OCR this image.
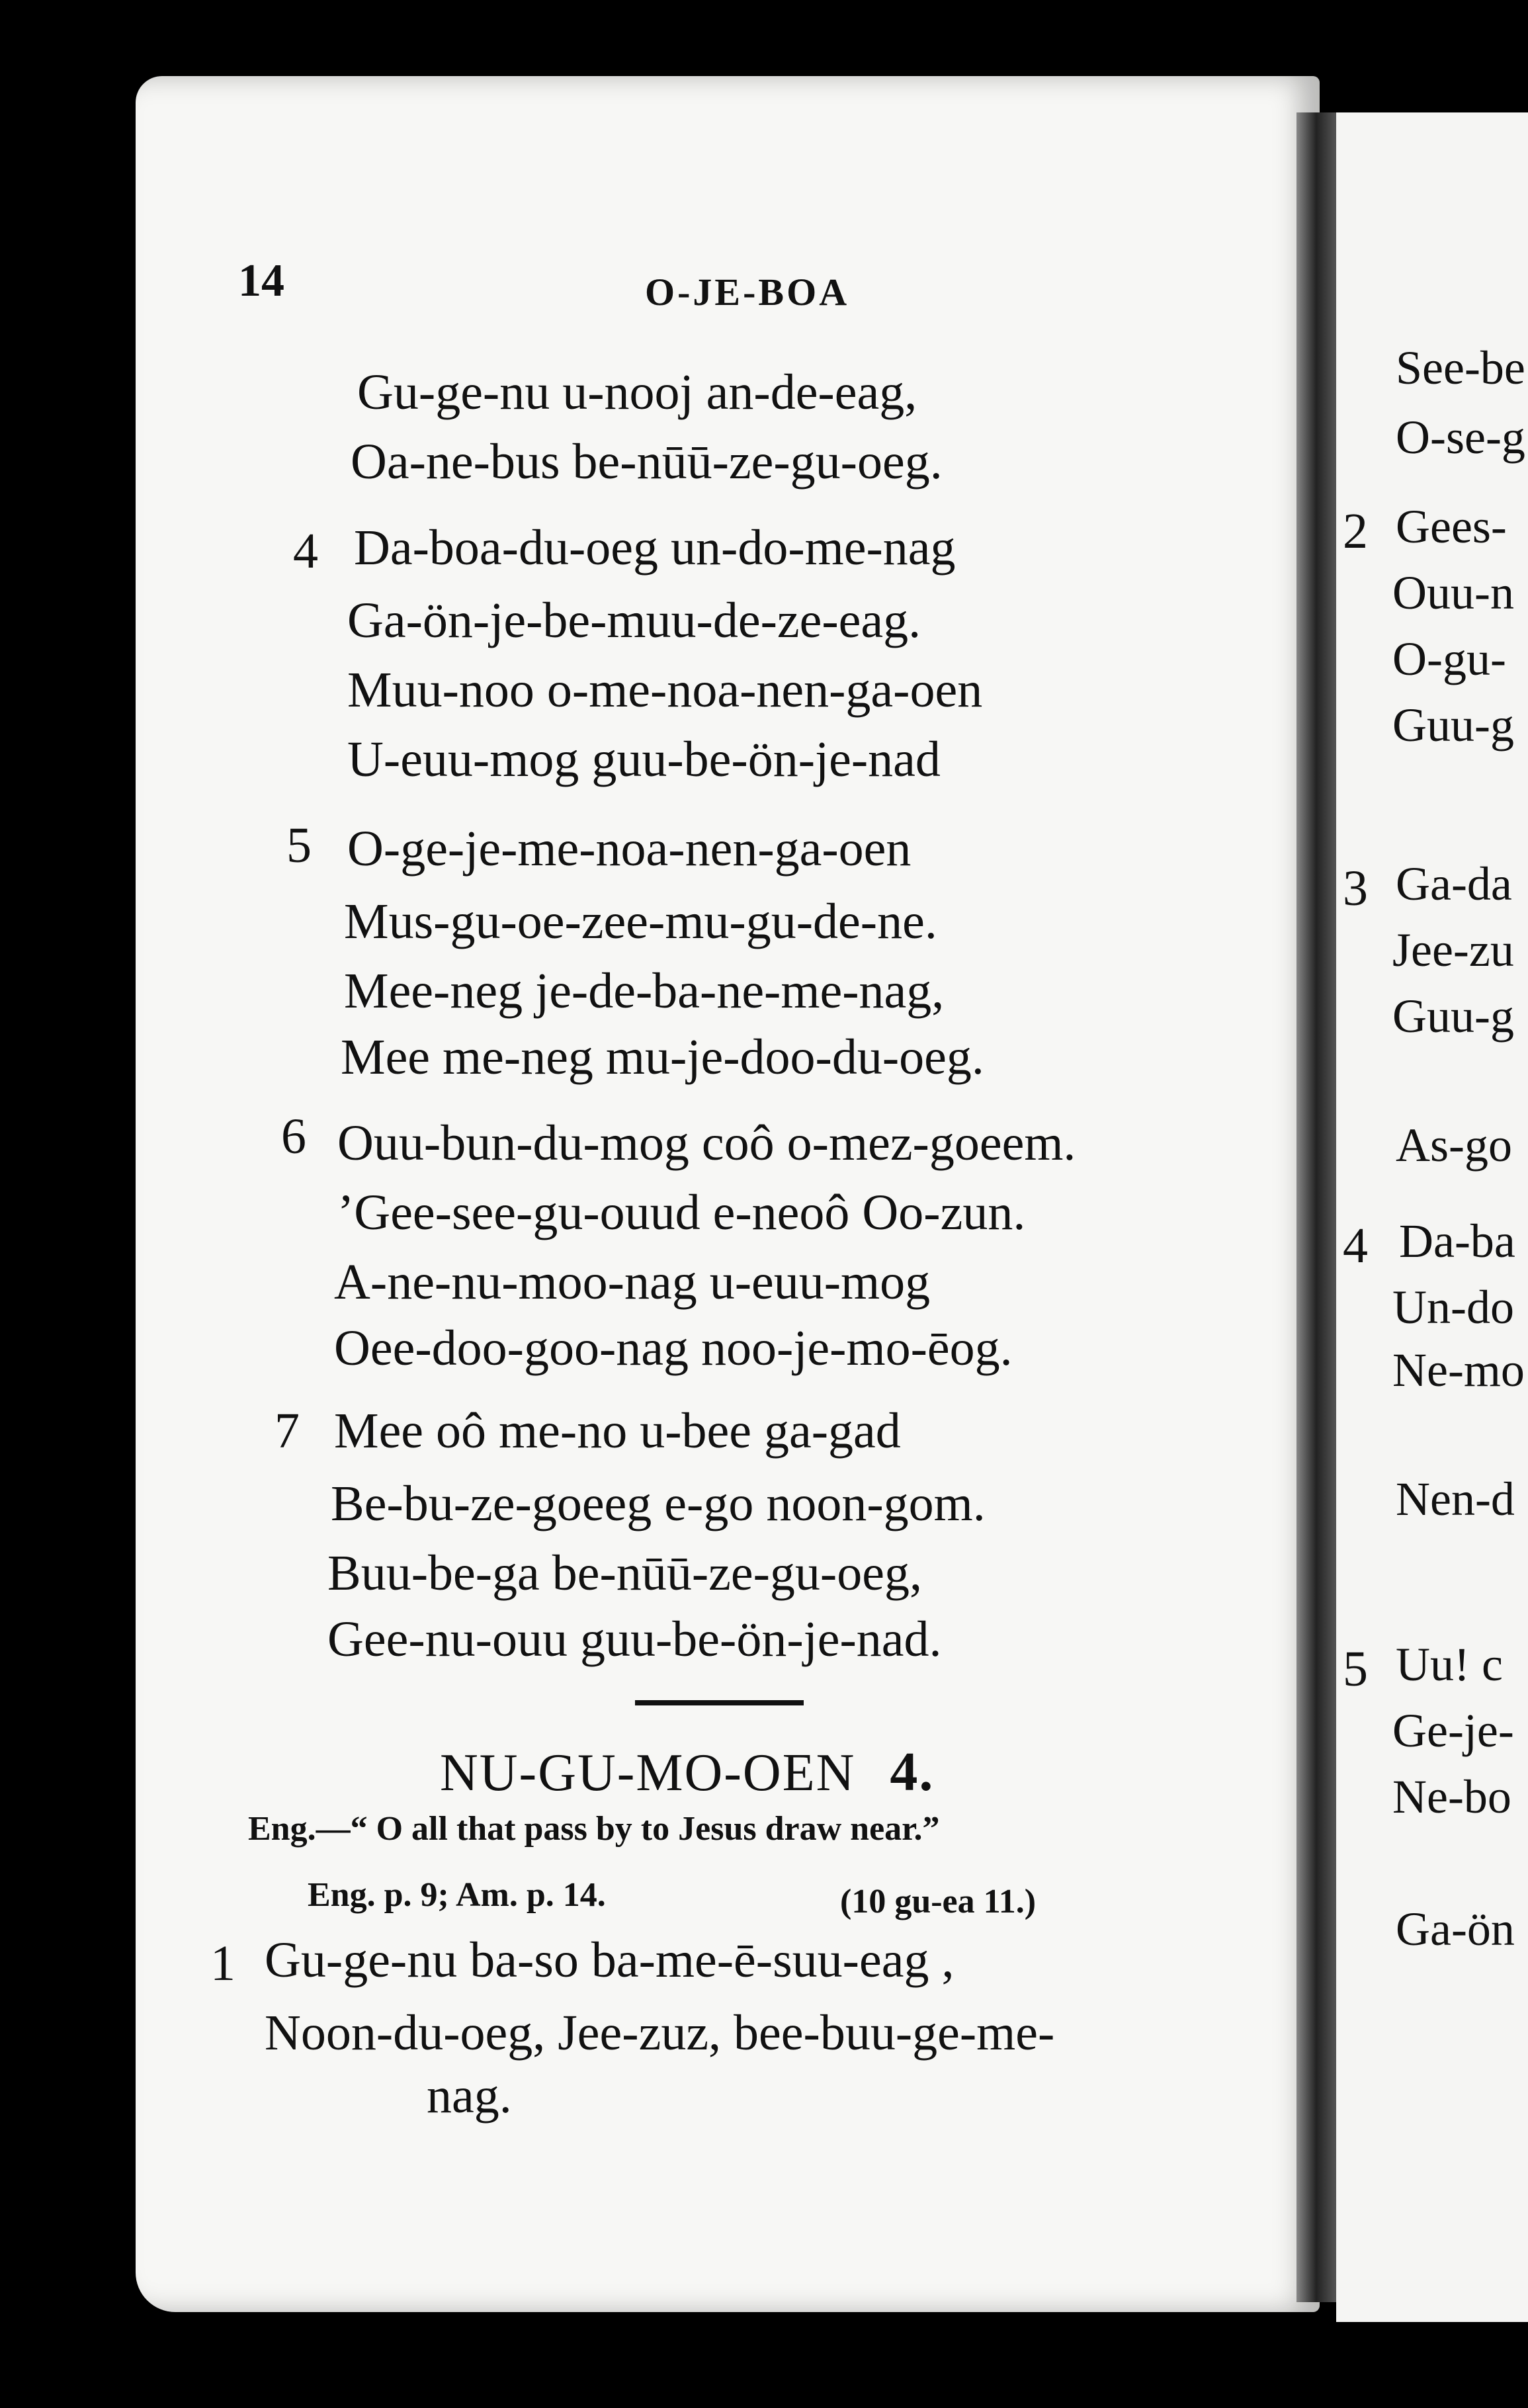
14	O-JE-BOA
Gu-ge-nu u-nooj an-de-eag,
Oa-ne-bus be-nūū-ze-gu-oeg.
4 Da-boa-du-oeg un-do-me-nag
Ga-ön-je-be-muu-de-ze-eag.
Muu-noo o-me-noa-nen-ga-oen
U-euu-mog guu-be-ön-je-nad
5 O-ge-je-me-noa-nen-ga-oen
Mus-gu-oe-zee-mu-gu-de-ne.
Mee-neg je-de-ba-ne-me-nag,
Mee me-neg mu-je-doo-du-oeg.
6 Ouu-bun-du-mog coô o-mez-goeem.
’Gee-see-gu-ouud e-neoô Oo-zun.
A-ne-nu-moo-nag u-euu-mog
Oee-doo-goo-nag noo-je-mo-ēog.
7 Mee oô me-no u-bee ga-gad
Be-bu-ze-goeeg e-go noon-gom.
Buu-be-ga be-nūū-ze-gu-oeg,
Gee-nu-ouu guu-be-ön-je-nad.
NU-GU-MO-OEN 4.
Eng.—“ O all that pass by to Jesus draw near.”
Eng. p. 9; Am. p. 14.	(10 gu-ea 11.)
1 Gu-ge-nu ba-so ba-me-ē-suu-eag ,
Noon-du-oeg, Jee-zuz, bee-buu-ge-me-
nag.
See-be
O-se-g
2 Gees-
Ouu-n
O-gu-
Guu-g
3 Ga-da
Jee-zu
Guu-g
As-go
4 Da-ba
Un-do
Ne-mo
Nen-d
5 Uu! c
Ge-je-
Ne-bo
Ga-ön
